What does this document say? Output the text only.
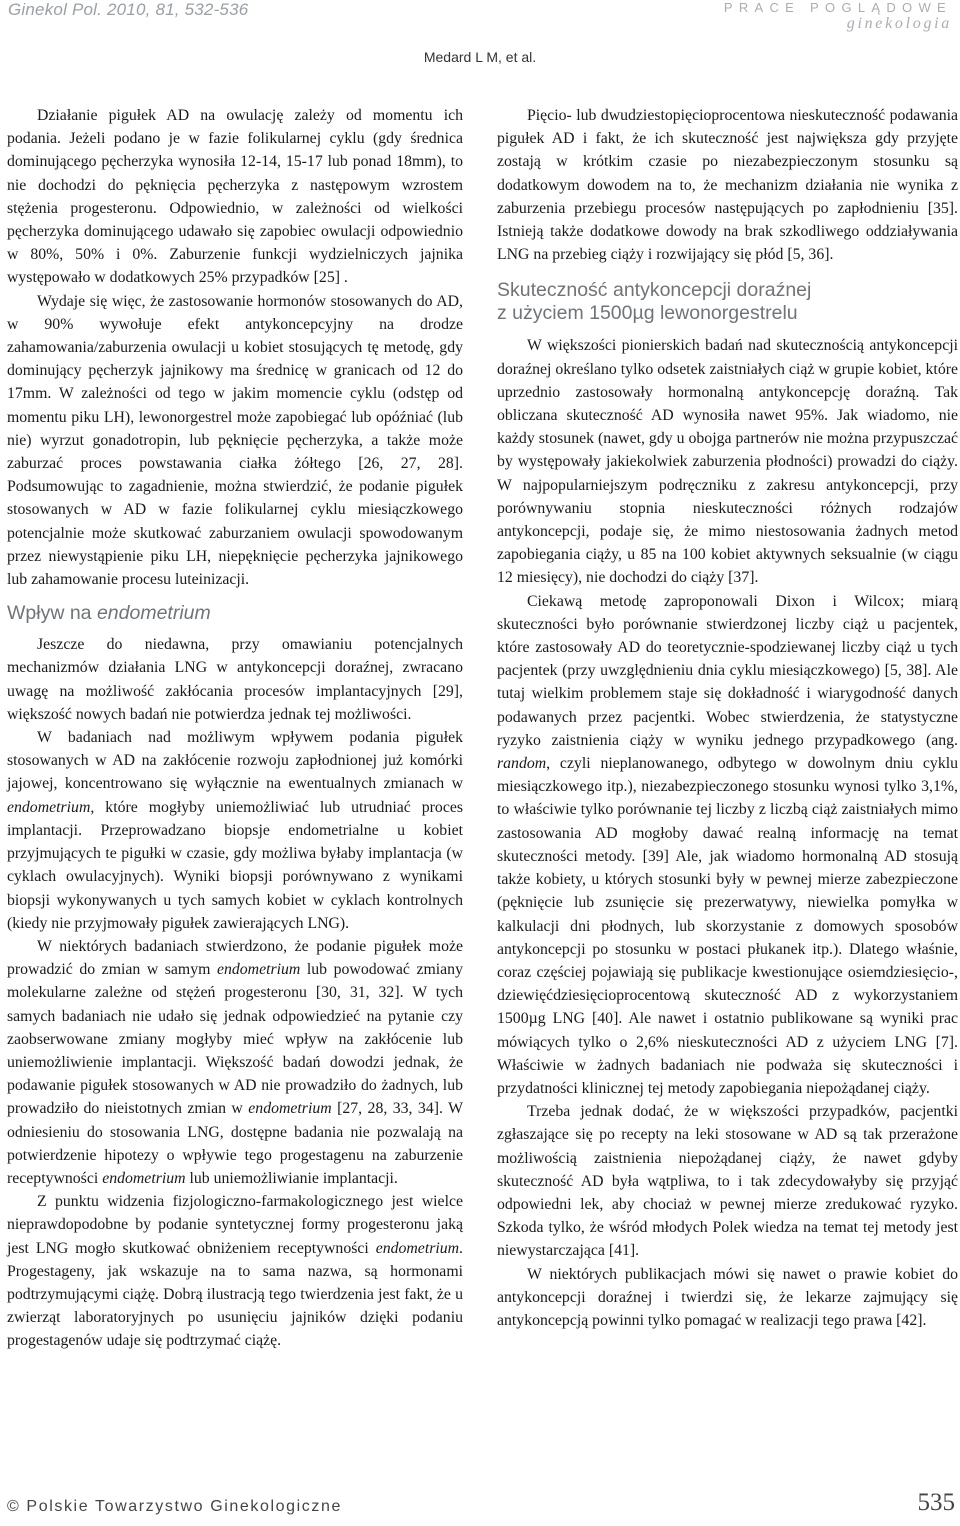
Ginekol Pol. 2010, 81, 532-536	PRACE POGLĄDOWE
ginekologia
Medard L M, et al.

Działanie pigułek AD na owulację zależy od momentu ich podania. Jeżeli podano je w fazie folikularnej cyklu (gdy średnica dominującego pęcherzyka wynosiła 12-14, 15-17 lub ponad 18mm), to nie dochodzi do pęknięcia pęcherzyka z następowym wzrostem stężenia progesteronu. Odpowiednio, w zależności od wielkości pęcherzyka dominującego udawało się zapobiec owulacji odpowiednio w 80%, 50% i 0%. Zaburzenie funkcji wydzielniczych jajnika występowało w dodatkowych 25% przypadków [25] .

Wydaje się więc, że zastosowanie hormonów stosowanych do AD, w 90% wywołuje efekt antykoncepcyjny na drodze zahamowania/zaburzenia owulacji u kobiet stosujących tę metodę, gdy dominujący pęcherzyk jajnikowy ma średnicę w granicach od 12 do 17mm. W zależności od tego w jakim momencie cyklu (odstęp od momentu piku LH), lewonorgestrel może zapobiegać lub opóźniać (lub nie) wyrzut gonadotropin, lub pęknięcie pęcherzyka, a także może zaburzać proces powstawania ciałka żółtego [26, 27, 28]. Podsumowując to zagadnienie, można stwierdzić, że podanie pigułek stosowanych w AD w fazie folikularnej cyklu miesiączkowego potencjalnie może skutkować zaburzaniem owulacji spowodowanym przez niewystąpienie piku LH, niepęknięcie pęcherzyka jajnikowego lub zahamowanie procesu luteinizacji.

Wpływ na endometrium

Jeszcze do niedawna, przy omawianiu potencjalnych mechanizmów działania LNG w antykoncepcji doraźnej, zwracano uwagę na możliwość zakłócania procesów implantacyjnych [29], większość nowych badań nie potwierdza jednak tej możliwości.

W badaniach nad możliwym wpływem podania pigułek stosowanych w AD na zakłócenie rozwoju zapłodnionej już komórki jajowej, koncentrowano się wyłącznie na ewentualnych zmianach w endometrium, które mogłyby uniemożliwiać lub utrudniać proces implantacji. Przeprowadzano biopsje endometrialne u kobiet przyjmujących te pigułki w czasie, gdy możliwa byłaby implantacja (w cyklach owulacyjnych). Wyniki biopsji porównywano z wynikami biopsji wykonywanych u tych samych kobiet w cyklach kontrolnych (kiedy nie przyjmowały pigułek zawierających LNG).

W niektórych badaniach stwierdzono, że podanie pigułek może prowadzić do zmian w samym endometrium lub powodować zmiany molekularne zależne od stężeń progesteronu [30, 31, 32]. W tych samych badaniach nie udało się jednak odpowiedzieć na pytanie czy zaobserwowane zmiany mogłyby mieć wpływ na zakłócenie lub uniemożliwienie implantacji. Większość badań dowodzi jednak, że podawanie pigułek stosowanych w AD nie prowadziło do żadnych, lub prowadziło do nieistotnych zmian w endometrium [27, 28, 33, 34]. W odniesieniu do stosowania LNG, dostępne badania nie pozwalają na potwierdzenie hipotezy o wpływie tego progestagenu na zaburzenie receptywności endometrium lub uniemożliwianie implantacji.

Z punktu widzenia fizjologiczno-farmakologicznego jest wielce nieprawdopodobne by podanie syntetycznej formy progesteronu jaką jest LNG mogło skutkować obniżeniem receptywności endometrium. Progestageny, jak wskazuje na to sama nazwa, są hormonami podtrzymującymi ciążę. Dobrą ilustracją tego twierdzenia jest fakt, że u zwierząt laboratoryjnych po usunięciu jajników dzięki podaniu progestagenów udaje się podtrzymać ciążę.

Pięcio- lub dwudziestopięcioprocentowa nieskuteczność podawania pigułek AD i fakt, że ich skuteczność jest największa gdy przyjęte zostają w krótkim czasie po niezabezpieczonym stosunku są dodatkowym dowodem na to, że mechanizm działania nie wynika z zaburzenia przebiegu procesów następujących po zapłodnieniu [35]. Istnieją także dodatkowe dowody na brak szkodliwego oddziaływania LNG na przebieg ciąży i rozwijający się płód [5, 36].

Skuteczność antykoncepcji doraźnej
z użyciem 1500µg lewonorgestrelu

W większości pionierskich badań nad skutecznością antykoncepcji doraźnej określano tylko odsetek zaistniałych ciąż w grupie kobiet, które uprzednio zastosowały hormonalną antykoncepcję doraźną. Tak obliczana skuteczność AD wynosiła nawet 95%. Jak wiadomo, nie każdy stosunek (nawet, gdy u obojga partnerów nie można przypuszczać by występowały jakiekolwiek zaburzenia płodności) prowadzi do ciąży. W najpopularniejszym podręczniku z zakresu antykoncepcji, przy porównywaniu stopnia nieskuteczności różnych rodzajów antykoncepcji, podaje się, że mimo niestosowania żadnych metod zapobiegania ciąży, u 85 na 100 kobiet aktywnych seksualnie (w ciągu 12 miesięcy), nie dochodzi do ciąży [37].

Ciekawą metodę zaproponowali Dixon i Wilcox; miarą skuteczności było porównanie stwierdzonej liczby ciąż u pacjentek, które zastosowały AD do teoretycznie-spodziewanej liczby ciąż u tych pacjentek (przy uwzględnieniu dnia cyklu miesiączkowego) [5, 38]. Ale tutaj wielkim problemem staje się dokładność i wiarygodność danych podawanych przez pacjentki. Wobec stwierdzenia, że statystyczne ryzyko zaistnienia ciąży w wyniku jednego przypadkowego (ang. random, czyli nieplanowanego, odbytego w dowolnym dniu cyklu miesiączkowego itp.), niezabezpieczonego stosunku wynosi tylko 3,1%, to właściwie tylko porównanie tej liczby z liczbą ciąż zaistniałych mimo zastosowania AD mogłoby dawać realną informację na temat skuteczności metody. [39] Ale, jak wiadomo hormonalną AD stosują także kobiety, u których stosunki były w pewnej mierze zabezpieczone (pęknięcie lub zsunięcie się prezerwatywy, niewielka pomyłka w kalkulacji dni płodnych, lub skorzystanie z domowych sposobów antykoncepcji po stosunku w postaci płukanek itp.). Dlatego właśnie, coraz częściej pojawiają się publikacje kwestionujące osiemdziesięcio-, dziewięćdziesięcioprocentową skuteczność AD z wykorzystaniem 1500µg LNG [40]. Ale nawet i ostatnio publikowane są wyniki prac mówiących tylko o 2,6% nieskuteczności AD z użyciem LNG [7]. Właściwie w żadnych badaniach nie podważa się skuteczności i przydatności klinicznej tej metody zapobiegania niepożądanej ciąży.

Trzeba jednak dodać, że w większości przypadków, pacjentki zgłaszające się po recepty na leki stosowane w AD są tak przerażone możliwością zaistnienia niepożądanej ciąży, że nawet gdyby skuteczność AD była wątpliwa, to i tak zdecydowałyby się przyjąć odpowiedni lek, aby chociaż w pewnej mierze zredukować ryzyko. Szkoda tylko, że wśród młodych Polek wiedza na temat tej metody jest niewystarczająca [41].

W niektórych publikacjach mówi się nawet o prawie kobiet do antykoncepcji doraźnej i twierdzi się, że lekarze zajmujący się antykoncepcją powinni tylko pomagać w realizacji tego prawa [42].

© Polskie Towarzystwo Ginekologiczne	535
